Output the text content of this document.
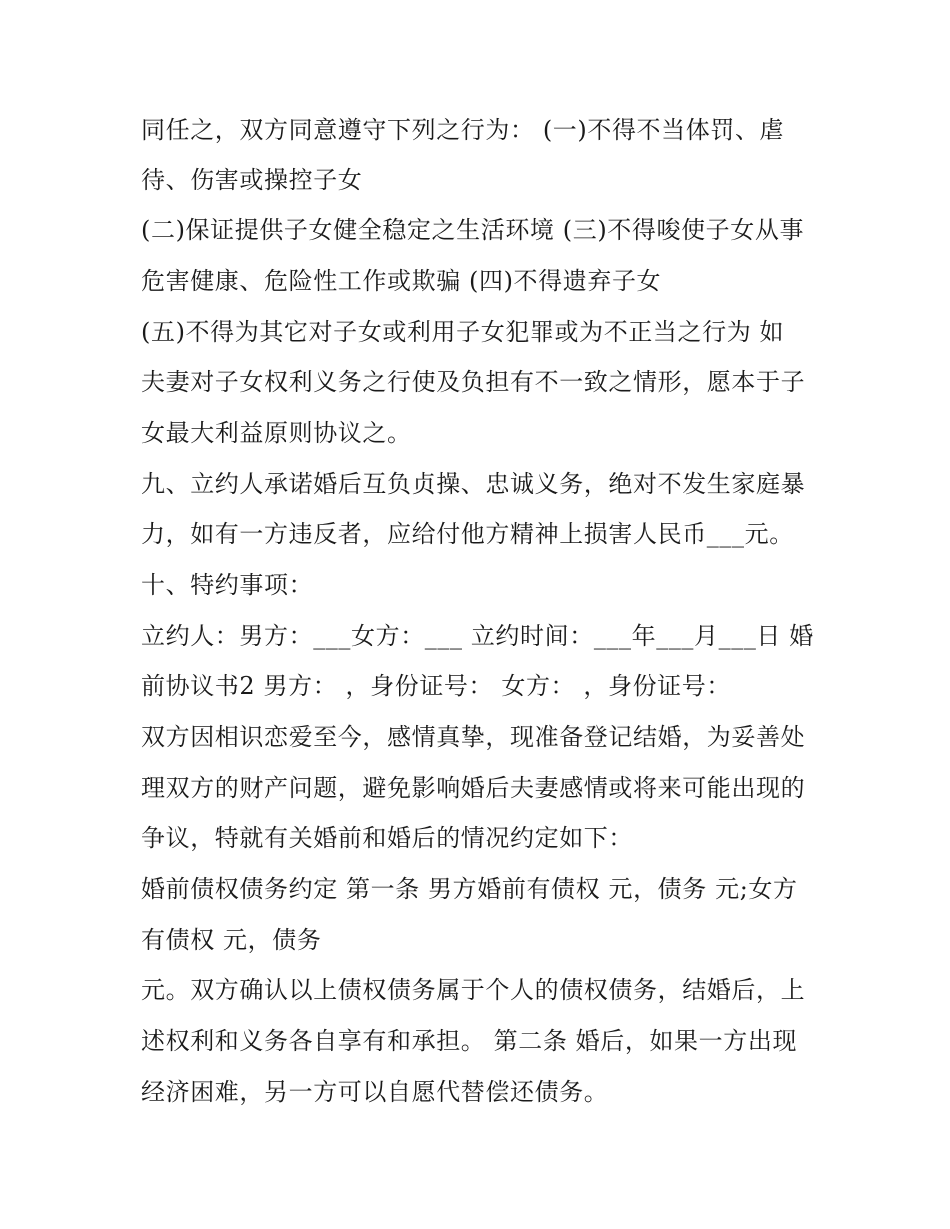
同任之，双方同意遵守下列之行为： (一)不得不当体罚、虐

待、伤害或操控子女

(二)保证提供子女健全稳定之生活环境 (三)不得唆使子女从事

危害健康、危险性工作或欺骗 (四)不得遗弃子女

(五)不得为其它对子女或利用子女犯罪或为不正当之行为 如

夫妻对子女权利义务之行使及负担有不一致之情形，愿本于子

女最大利益原则协议之。

九、立约人承诺婚后互负贞操、忠诚义务，绝对不发生家庭暴

力，如有一方违反者，应给付他方精神上损害人民币___元。

十、特约事项：

立约人：男方：___女方：___ 立约时间：___年___月___日 婚

前协议书2 男方： ，身份证号： 女方： ，身份证号：

双方因相识恋爱至今，感情真挚，现准备登记结婚，为妥善处

理双方的财产问题，避免影响婚后夫妻感情或将来可能出现的

争议，特就有关婚前和婚后的情况约定如下：

婚前债权债务约定 第一条 男方婚前有债权 元，债务 元;女方

有债权 元，债务

元。双方确认以上债权债务属于个人的债权债务，结婚后，上

述权利和义务各自享有和承担。 第二条 婚后，如果一方出现

经济困难，另一方可以自愿代替偿还债务。
